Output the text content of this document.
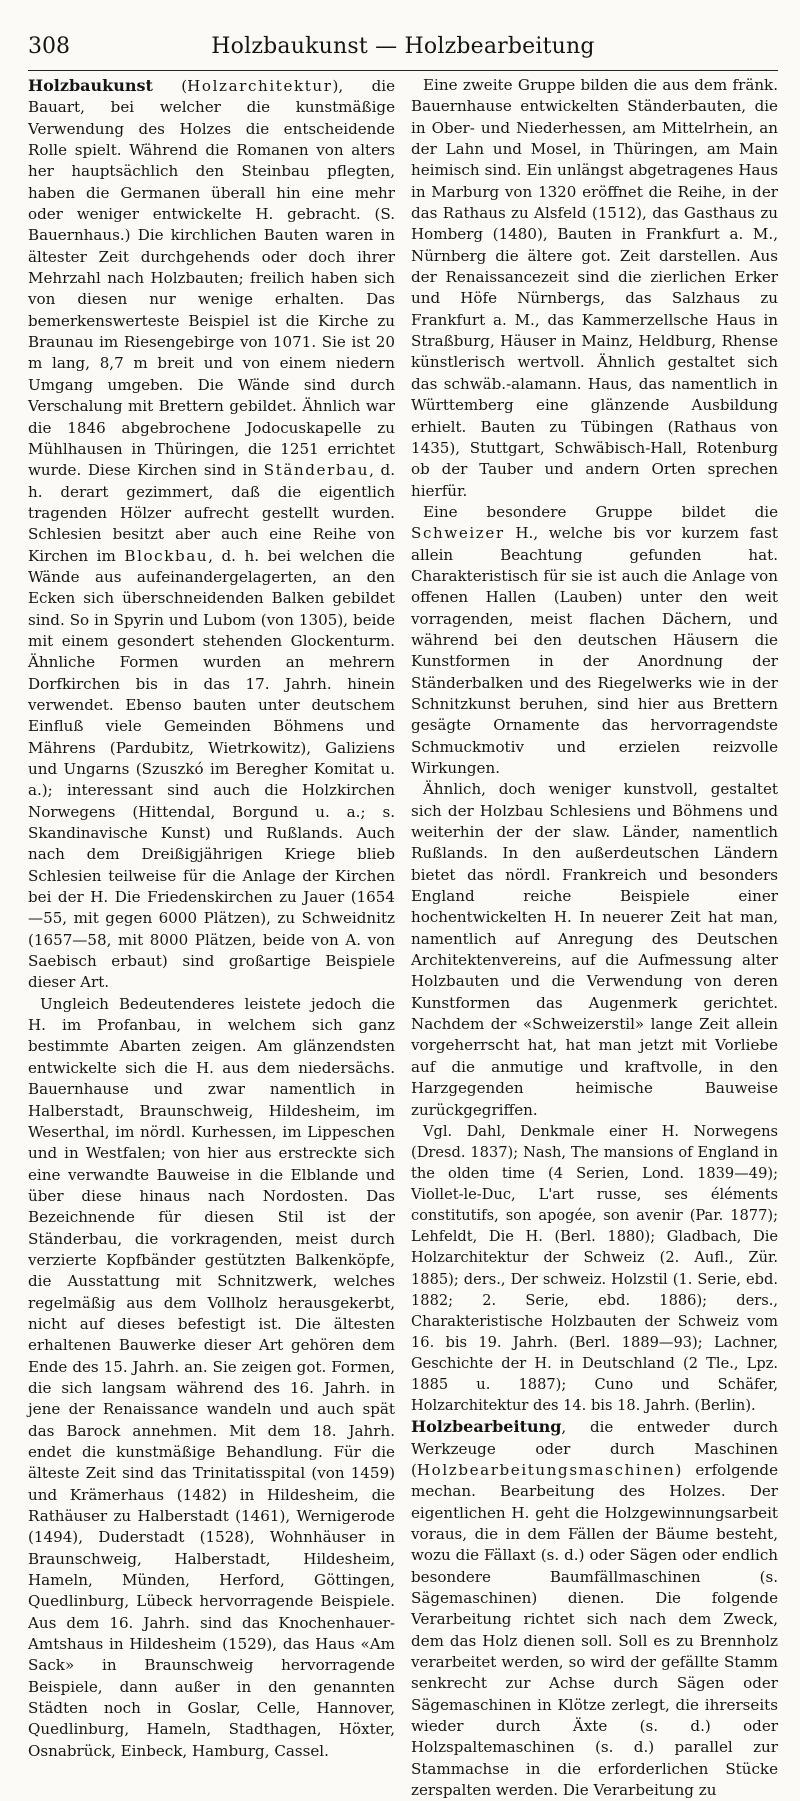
308	Holzbaukunst — Holzbearbeitung

Holzbaukunst (Holzarchitektur), die Bauart, bei welcher die kunstmäßige Verwendung des Holzes die entscheidende Rolle spielt. Während die Romanen von alters her hauptsächlich den Steinbau pflegten, haben die Germanen überall hin eine mehr oder weniger entwickelte H. gebracht. (S. Bauernhaus.) Die kirchlichen Bauten waren in ältester Zeit durchgehends oder doch ihrer Mehrzahl nach Holzbauten; freilich haben sich von diesen nur wenige erhalten. Das bemerkenswerteste Beispiel ist die Kirche zu Braunau im Riesengebirge von 1071. Sie ist 20 m lang, 8,7 m breit und von einem niedern Umgang umgeben. Die Wände sind durch Verschalung mit Brettern gebildet. Ähnlich war die 1846 abgebrochene Jodocuskapelle zu Mühlhausen in Thüringen, die 1251 errichtet wurde. Diese Kirchen sind in Ständerbau, d. h. derart gezimmert, daß die eigentlich tragenden Hölzer aufrecht gestellt wurden. Schlesien besitzt aber auch eine Reihe von Kirchen im Blockbau, d. h. bei welchen die Wände aus aufeinandergelagerten, an den Ecken sich überschneidenden Balken gebildet sind. So in Spyrin und Lubom (von 1305), beide mit einem gesondert stehenden Glockenturm. Ähnliche Formen wurden an mehrern Dorfkirchen bis in das 17. Jahrh. hinein verwendet. Ebenso bauten unter deutschem Einfluß viele Gemeinden Böhmens und Mährens (Pardubitz, Wietrkowitz), Galiziens und Ungarns (Szuszkó im Beregher Komitat u. a.); interessant sind auch die Holzkirchen Norwegens (Hittendal, Borgund u. a.; s. Skandinavische Kunst) und Rußlands. Auch nach dem Dreißigjährigen Kriege blieb Schlesien teilweise für die Anlage der Kirchen bei der H. Die Friedenskirchen zu Jauer (1654—55, mit gegen 6000 Plätzen), zu Schweidnitz (1657—58, mit 8000 Plätzen, beide von A. von Saebisch erbaut) sind großartige Beispiele dieser Art.

Ungleich Bedeutenderes leistete jedoch die H. im Profanbau, in welchem sich ganz bestimmte Abarten zeigen. Am glänzendsten entwickelte sich die H. aus dem niedersächs. Bauernhause und zwar namentlich in Halberstadt, Braunschweig, Hildesheim, im Weserthal, im nördl. Kurhessen, im Lippeschen und in Westfalen; von hier aus erstreckte sich eine verwandte Bauweise in die Elblande und über diese hinaus nach Nordosten. Das Bezeichnende für diesen Stil ist der Ständerbau, die vorkragenden, meist durch verzierte Kopfbänder gestützten Balkenköpfe, die Ausstattung mit Schnitzwerk, welches regelmäßig aus dem Vollholz herausgekerbt, nicht auf dieses befestigt ist. Die ältesten erhaltenen Bauwerke dieser Art gehören dem Ende des 15. Jahrh. an. Sie zeigen got. Formen, die sich langsam während des 16. Jahrh. in jene der Renaissance wandeln und auch spät das Barock annehmen. Mit dem 18. Jahrh. endet die kunstmäßige Behandlung. Für die älteste Zeit sind das Trinitatisspital (von 1459) und Krämerhaus (1482) in Hildesheim, die Rathäuser zu Halberstadt (1461), Wernigerode (1494), Duderstadt (1528), Wohnhäuser in Braunschweig, Halberstadt, Hildesheim, Hameln, Münden, Herford, Göttingen, Quedlinburg, Lübeck hervorragende Beispiele. Aus dem 16. Jahrh. sind das Knochenhauer-Amtshaus in Hildesheim (1529), das Haus «Am Sack» in Braunschweig hervorragende Beispiele, dann außer in den genannten Städten noch in Goslar, Celle, Hannover, Quedlinburg, Hameln, Stadthagen, Höxter, Osnabrück, Einbeck, Hamburg, Cassel.

Eine zweite Gruppe bilden die aus dem fränk. Bauernhause entwickelten Ständerbauten, die in Ober- und Niederhessen, am Mittelrhein, an der Lahn und Mosel, in Thüringen, am Main heimisch sind. Ein unlängst abgetragenes Haus in Marburg von 1320 eröffnet die Reihe, in der das Rathaus zu Alsfeld (1512), das Gasthaus zu Homberg (1480), Bauten in Frankfurt a. M., Nürnberg die ältere got. Zeit darstellen. Aus der Renaissancezeit sind die zierlichen Erker und Höfe Nürnbergs, das Salzhaus zu Frankfurt a. M., das Kammerzellsche Haus in Straßburg, Häuser in Mainz, Heldburg, Rhense künstlerisch wertvoll. Ähnlich gestaltet sich das schwäb.-alamann. Haus, das namentlich in Württemberg eine glänzende Ausbildung erhielt. Bauten zu Tübingen (Rathaus von 1435), Stuttgart, Schwäbisch-Hall, Rotenburg ob der Tauber und andern Orten sprechen hierfür.

Eine besondere Gruppe bildet die Schweizer H., welche bis vor kurzem fast allein Beachtung gefunden hat. Charakteristisch für sie ist auch die Anlage von offenen Hallen (Lauben) unter den weit vorragenden, meist flachen Dächern, und während bei den deutschen Häusern die Kunstformen in der Anordnung der Ständerbalken und des Riegelwerks wie in der Schnitzkunst beruhen, sind hier aus Brettern gesägte Ornamente das hervorragendste Schmuckmotiv und erzielen reizvolle Wirkungen.

Ähnlich, doch weniger kunstvoll, gestaltet sich der Holzbau Schlesiens und Böhmens und weiterhin der der slaw. Länder, namentlich Rußlands. In den außerdeutschen Ländern bietet das nördl. Frankreich und besonders England reiche Beispiele einer hochentwickelten H. In neuerer Zeit hat man, namentlich auf Anregung des Deutschen Architektenvereins, auf die Aufmessung alter Holzbauten und die Verwendung von deren Kunstformen das Augenmerk gerichtet. Nachdem der «Schweizerstil» lange Zeit allein vorgeherrscht hat, hat man jetzt mit Vorliebe auf die anmutige und kraftvolle, in den Harzgegenden heimische Bauweise zurückgegriffen.

Vgl. Dahl, Denkmale einer H. Norwegens (Dresd. 1837); Nash, The mansions of England in the olden time (4 Serien, Lond. 1839—49); Viollet-le-Duc, L'art russe, ses éléments constitutifs, son apogée, son avenir (Par. 1877); Lehfeldt, Die H. (Berl. 1880); Gladbach, Die Holzarchitektur der Schweiz (2. Aufl., Zür. 1885); ders., Der schweiz. Holzstil (1. Serie, ebd. 1882; 2. Serie, ebd. 1886); ders., Charakteristische Holzbauten der Schweiz vom 16. bis 19. Jahrh. (Berl. 1889—93); Lachner, Geschichte der H. in Deutschland (2 Tle., Lpz. 1885 u. 1887); Cuno und Schäfer, Holzarchitektur des 14. bis 18. Jahrh. (Berlin).

Holzbearbeitung, die entweder durch Werkzeuge oder durch Maschinen (Holzbearbeitungsmaschinen) erfolgende mechan. Bearbeitung des Holzes. Der eigentlichen H. geht die Holzgewinnungsarbeit voraus, die in dem Fällen der Bäume besteht, wozu die Fällaxt (s. d.) oder Sägen oder endlich besondere Baumfällmaschinen (s. Sägemaschinen) dienen. Die folgende Verarbeitung richtet sich nach dem Zweck, dem das Holz dienen soll. Soll es zu Brennholz verarbeitet werden, so wird der gefällte Stamm senkrecht zur Achse durch Sägen oder Sägemaschinen in Klötze zerlegt, die ihrerseits wieder durch Äxte (s. d.) oder Holzspaltemaschinen (s. d.) parallel zur Stammachse in die erforderlichen Stücke zerspalten werden. Die Verarbeitung zu
